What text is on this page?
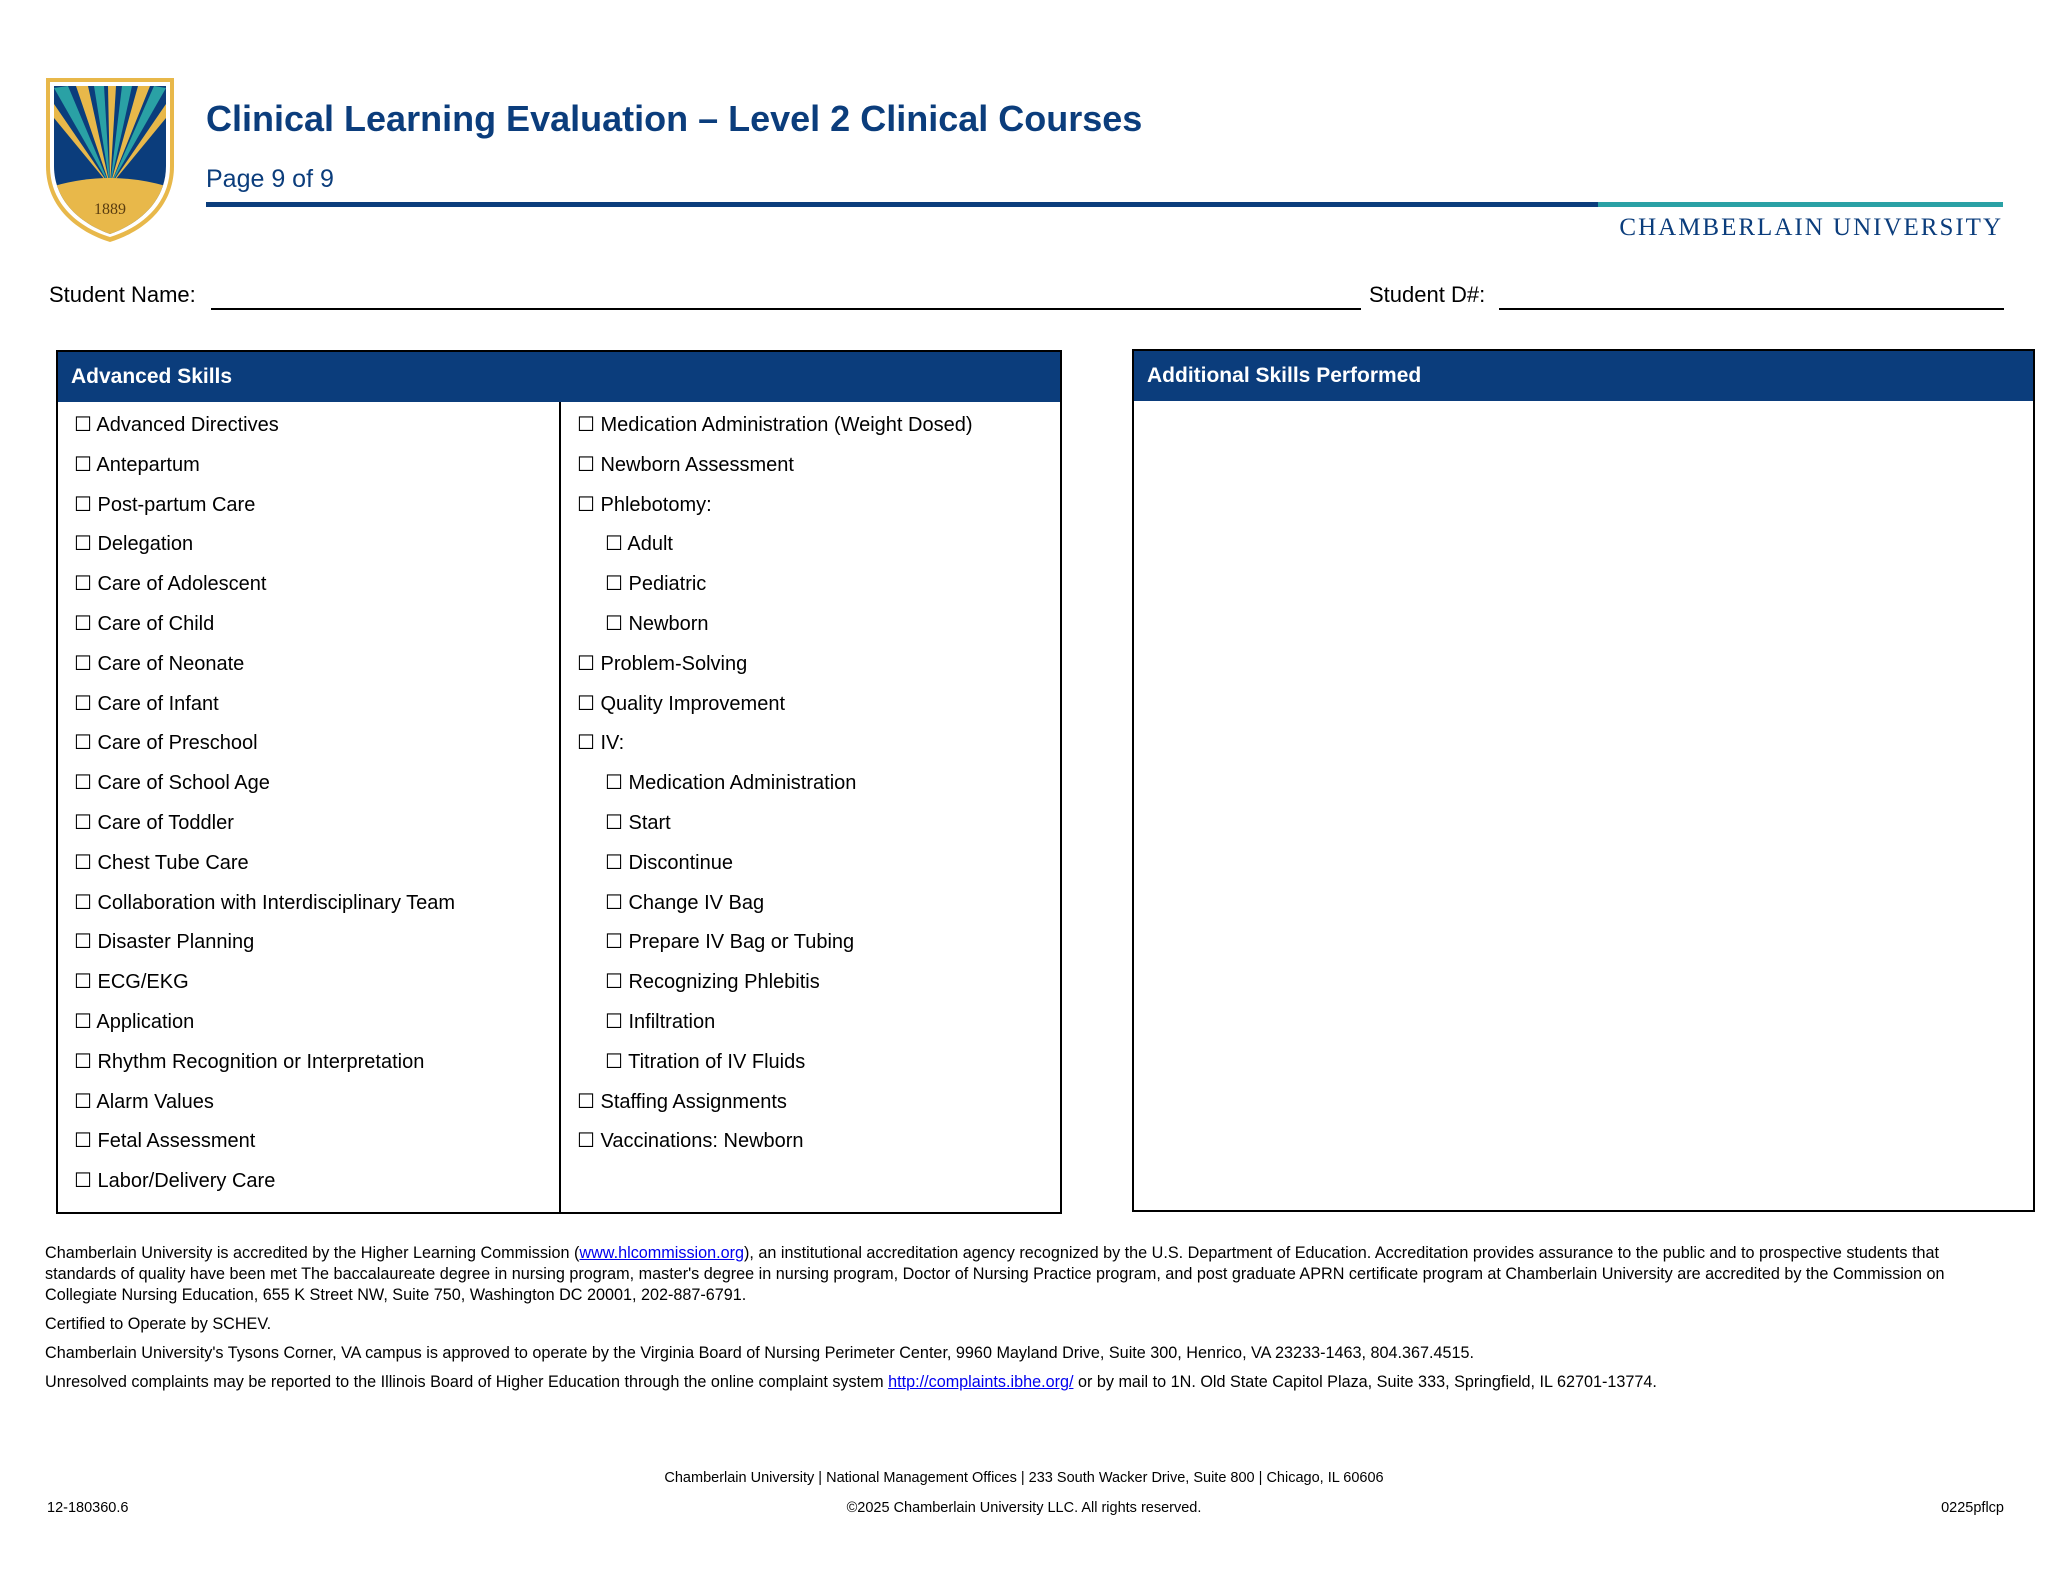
1889
Clinical Learning Evaluation – Level 2 Clinical Courses
Page 9 of 9
CHAMBERLAIN UNIVERSITY
Student Name:	Student D#:
Advanced Skills
☐ Advanced Directives
☐ Antepartum
☐ Post-partum Care
☐ Delegation
☐ Care of Adolescent
☐ Care of Child
☐ Care of Neonate
☐ Care of Infant
☐ Care of Preschool
☐ Care of School Age
☐ Care of Toddler
☐ Chest Tube Care
☐ Collaboration with Interdisciplinary Team
☐ Disaster Planning
☐ ECG/EKG
☐ Application
☐ Rhythm Recognition or Interpretation
☐ Alarm Values
☐ Fetal Assessment
☐ Labor/Delivery Care
☐ Medication Administration (Weight Dosed)
☐ Newborn Assessment
☐ Phlebotomy:
☐ Adult
☐ Pediatric
☐ Newborn
☐ Problem-Solving
☐ Quality Improvement
☐ IV:
☐ Medication Administration
☐ Start
☐ Discontinue
☐ Change IV Bag
☐ Prepare IV Bag or Tubing
☐ Recognizing Phlebitis
☐ Infiltration
☐ Titration of IV Fluids
☐ Staffing Assignments
☐ Vaccinations: Newborn
Additional Skills Performed

Chamberlain University is accredited by the Higher Learning Commission (www.hlcommission.org), an institutional accreditation agency recognized by the U.S. Department of Education. Accreditation provides assurance to the public and to prospective students that standards of quality have been met The baccalaureate degree in nursing program, master's degree in nursing program, Doctor of Nursing Practice program, and post graduate APRN certificate program at Chamberlain University are accredited by the Commission on Collegiate Nursing Education, 655 K Street NW, Suite 750, Washington DC 20001, 202-887-6791.

Certified to Operate by SCHEV.

Chamberlain University's Tysons Corner, VA campus is approved to operate by the Virginia Board of Nursing Perimeter Center, 9960 Mayland Drive, Suite 300, Henrico, VA 23233-1463, 804.367.4515.

Unresolved complaints may be reported to the Illinois Board of Higher Education through the online complaint system http://complaints.ibhe.org/ or by mail to 1N. Old State Capitol Plaza, Suite 333, Springfield, IL 62701-13774.

Chamberlain University | National Management Offices | 233 South Wacker Drive, Suite 800 | Chicago, IL 60606
©2025 Chamberlain University LLC. All rights reserved.
12-180360.6	0225pflcp
